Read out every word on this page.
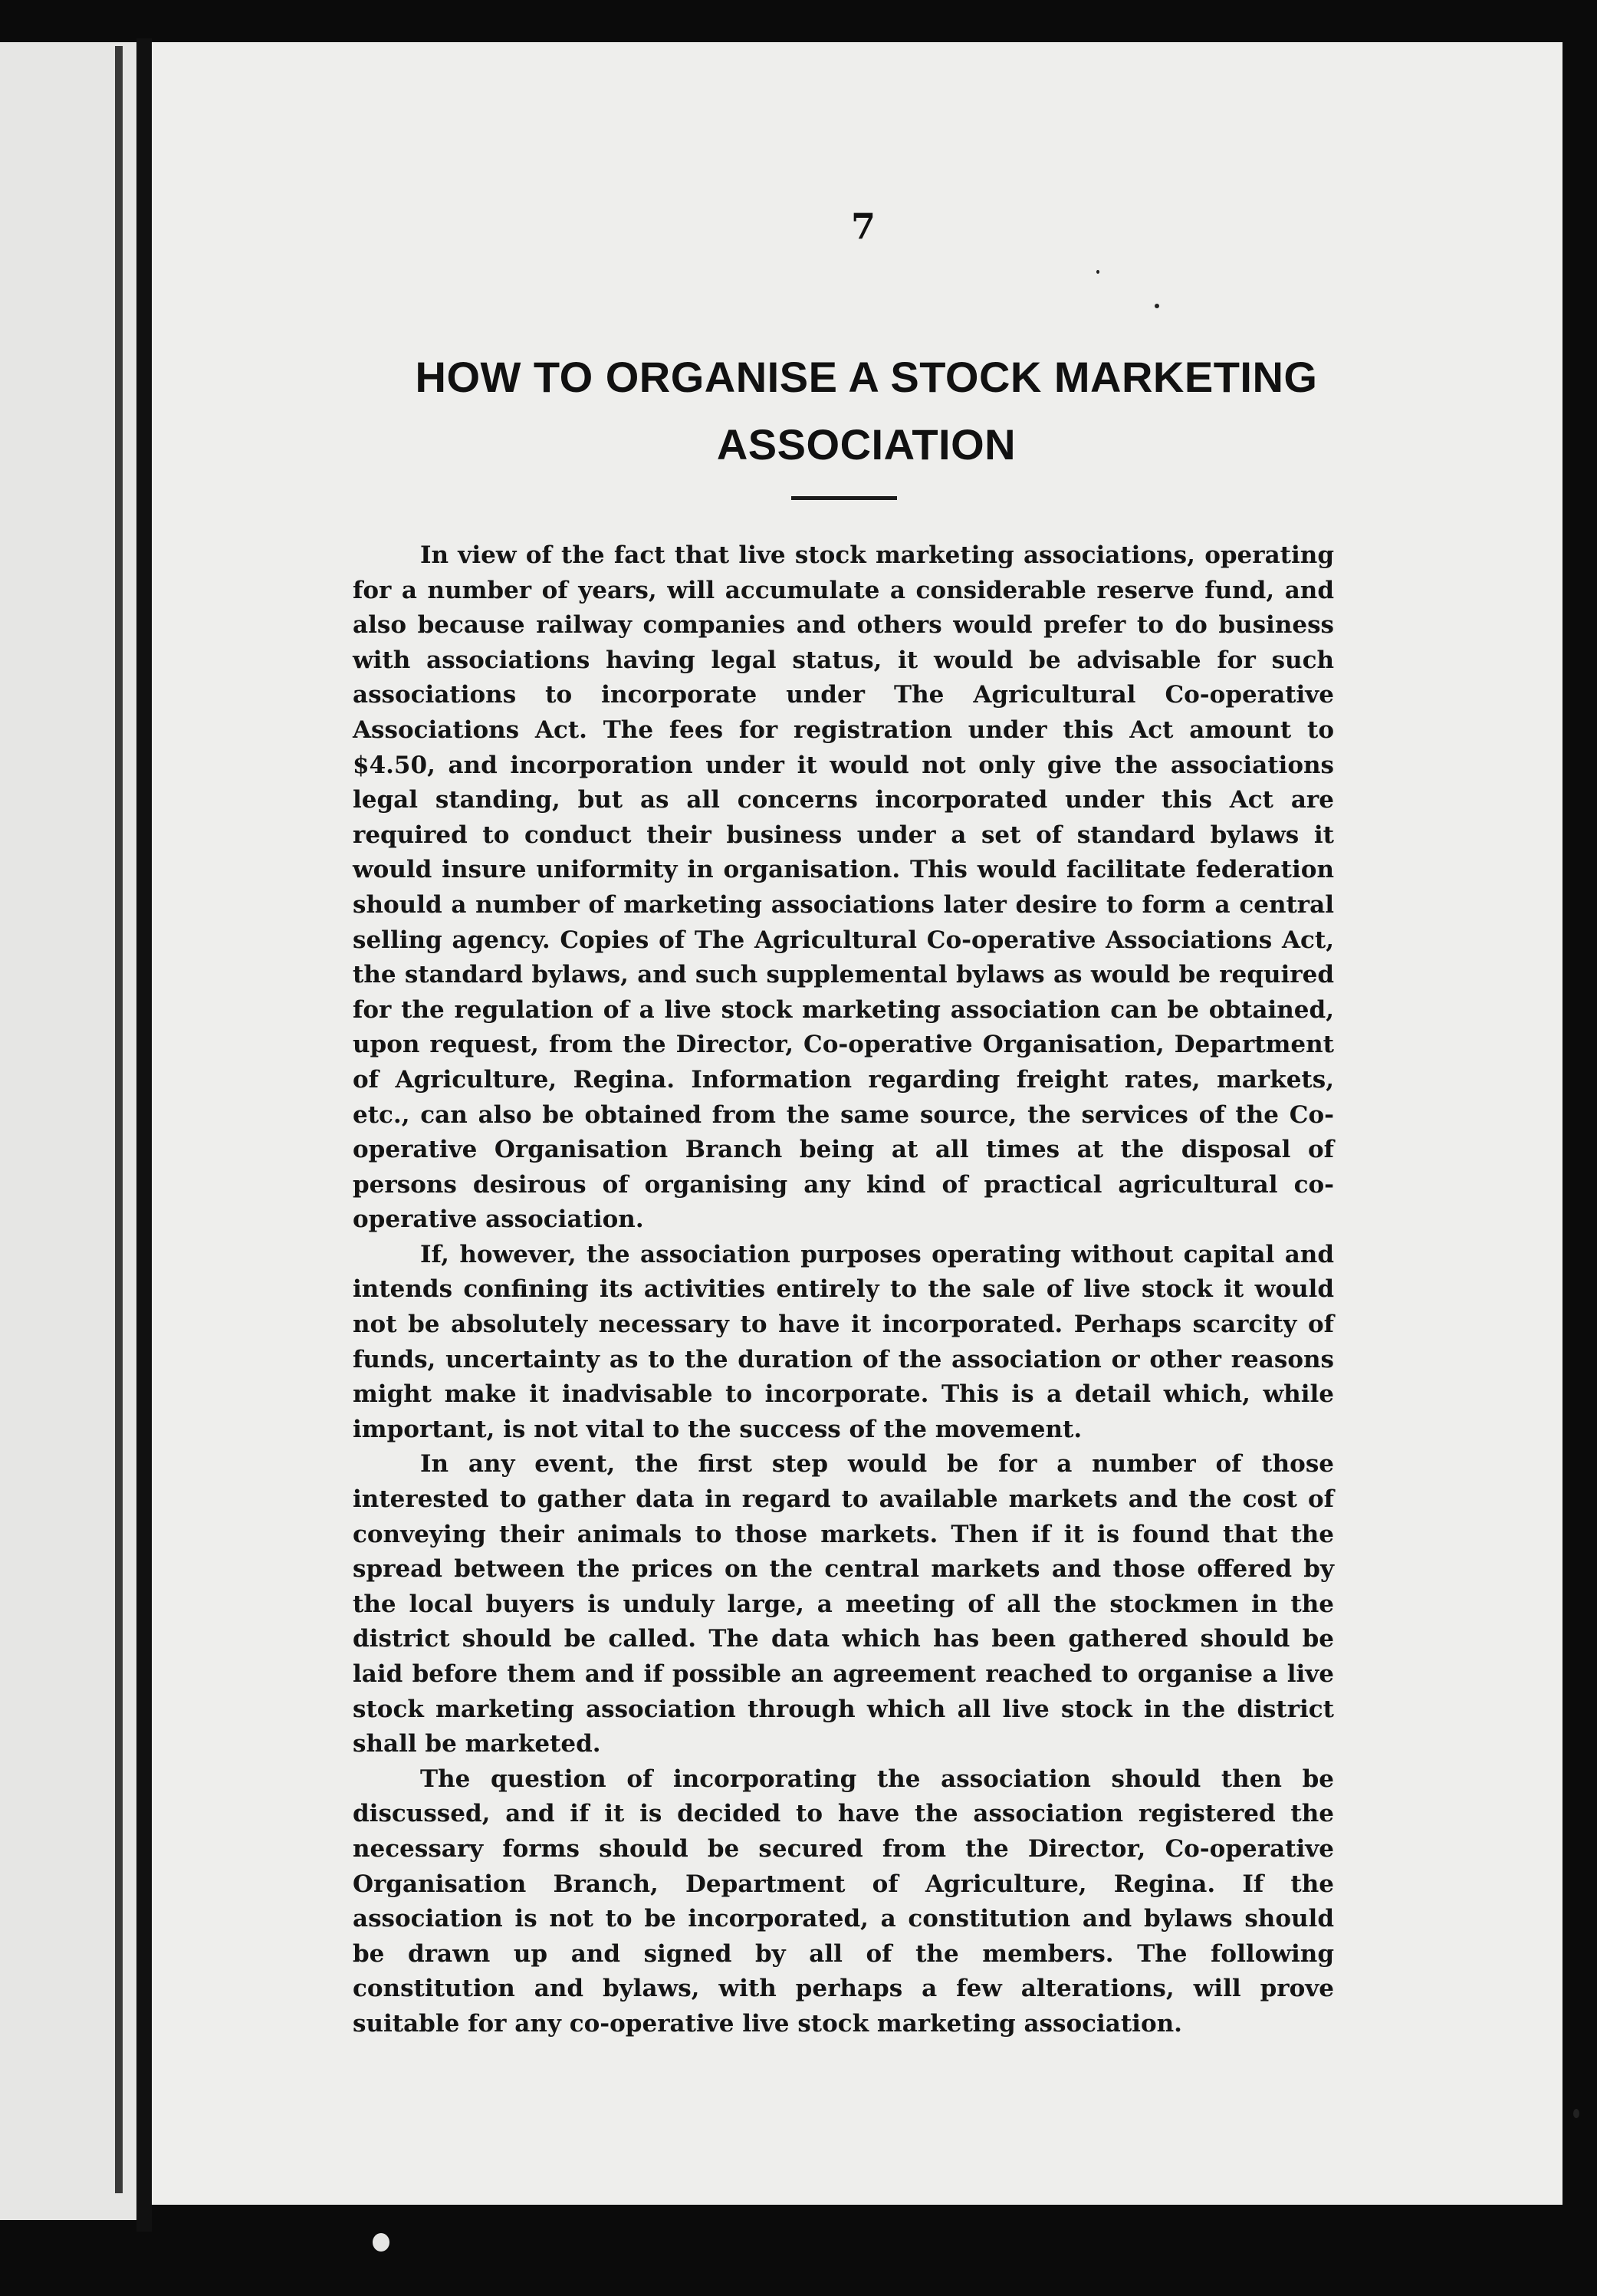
7
HOW TO ORGANISE A STOCK MARKETING
ASSOCIATION

In view of the fact that live stock marketing associations, operating for a number of years, will accumulate a considerable reserve fund, and also because railway companies and others would prefer to do business with associations having legal status, it would be advisable for such associations to incorporate under The Agricultural Co-operative Associations Act. The fees for registration under this Act amount to $4.50, and incorporation under it would not only give the associations legal standing, but as all concerns incorporated under this Act are required to conduct their business under a set of standard bylaws it would insure uniformity in organisation. This would facilitate federation should a number of marketing associations later desire to form a central selling agency. Copies of The Agricultural Co-operative Associations Act, the standard bylaws, and such supplemental bylaws as would be required for the regulation of a live stock marketing association can be obtained, upon request, from the Director, Co-operative Organisation, Department of Agriculture, Regina. Information regarding freight rates, markets, etc., can also be obtained from the same source, the services of the Co-operative Organisation Branch being at all times at the disposal of persons desirous of organising any kind of practical agricultural co-operative association.

If, however, the association purposes operating without capital and intends confining its activities entirely to the sale of live stock it would not be absolutely necessary to have it incorporated. Perhaps scarcity of funds, uncertainty as to the duration of the association or other reasons might make it inadvisable to incorporate. This is a detail which, while important, is not vital to the success of the movement.

In any event, the first step would be for a number of those interested to gather data in regard to available markets and the cost of conveying their animals to those markets. Then if it is found that the spread between the prices on the central markets and those offered by the local buyers is unduly large, a meeting of all the stockmen in the district should be called. The data which has been gathered should be laid before them and if possible an agreement reached to organise a live stock marketing association through which all live stock in the district shall be marketed.

The question of incorporating the association should then be discussed, and if it is decided to have the association registered the necessary forms should be secured from the Director, Co-operative Organisation Branch, Department of Agriculture, Regina. If the association is not to be incorporated, a constitution and bylaws should be drawn up and signed by all of the members. The following constitution and bylaws, with perhaps a few alterations, will prove suitable for any co-operative live stock marketing association.
